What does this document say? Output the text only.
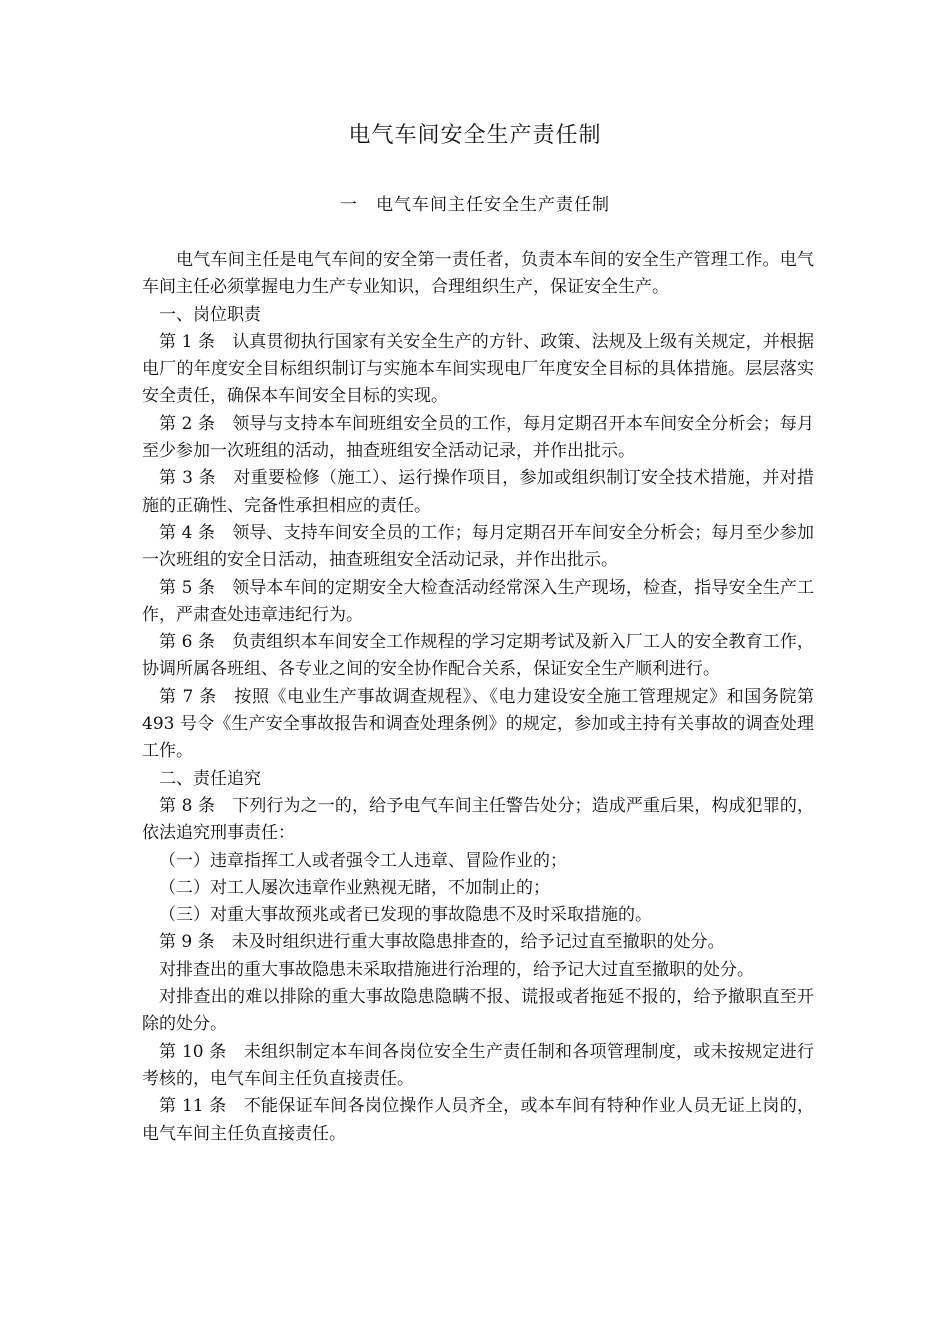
电气车间安全生产责任制
一　电气车间主任安全生产责任制

电气车间主任是电气车间的安全第一责任者，负责本车间的安全生产管理工作。电气车间主任必须掌握电力生产专业知识，合理组织生产，保证安全生产。

一、岗位职责

第 1 条　认真贯彻执行国家有关安全生产的方针、政策、法规及上级有关规定，并根据电厂的年度安全目标组织制订与实施本车间实现电厂年度安全目标的具体措施。层层落实安全责任，确保本车间安全目标的实现。

第 2 条　领导与支持本车间班组安全员的工作，每月定期召开本车间安全分析会；每月至少参加一次班组的活动，抽查班组安全活动记录，并作出批示。

第 3 条　对重要检修（施工）、运行操作项目，参加或组织制订安全技术措施，并对措施的正确性、完备性承担相应的责任。

第 4 条　领导、支持车间安全员的工作；每月定期召开车间安全分析会；每月至少参加一次班组的安全日活动，抽查班组安全活动记录，并作出批示。

第 5 条　领导本车间的定期安全大检查活动经常深入生产现场，检查，指导安全生产工作，严肃查处违章违纪行为。

第 6 条　负责组织本车间安全工作规程的学习定期考试及新入厂工人的安全教育工作，协调所属各班组、各专业之间的安全协作配合关系，保证安全生产顺利进行。

第 7 条　按照《电业生产事故调查规程》、《电力建设安全施工管理规定》和国务院第 493 号令《生产安全事故报告和调查处理条例》的规定，参加或主持有关事故的调查处理工作。

二、责任追究

第 8 条　下列行为之一的，给予电气车间主任警告处分；造成严重后果，构成犯罪的，依法追究刑事责任：

（一）违章指挥工人或者强令工人违章、冒险作业的；

（二）对工人屡次违章作业熟视无睹，不加制止的；

（三）对重大事故预兆或者已发现的事故隐患不及时采取措施的。

第 9 条　未及时组织进行重大事故隐患排查的，给予记过直至撤职的处分。

对排查出的重大事故隐患未采取措施进行治理的，给予记大过直至撤职的处分。

对排查出的难以排除的重大事故隐患隐瞒不报、谎报或者拖延不报的，给予撤职直至开除的处分。

第 10 条　未组织制定本车间各岗位安全生产责任制和各项管理制度，或未按规定进行考核的，电气车间主任负直接责任。

第 11 条　不能保证车间各岗位操作人员齐全，或本车间有特种作业人员无证上岗的，电气车间主任负直接责任。
